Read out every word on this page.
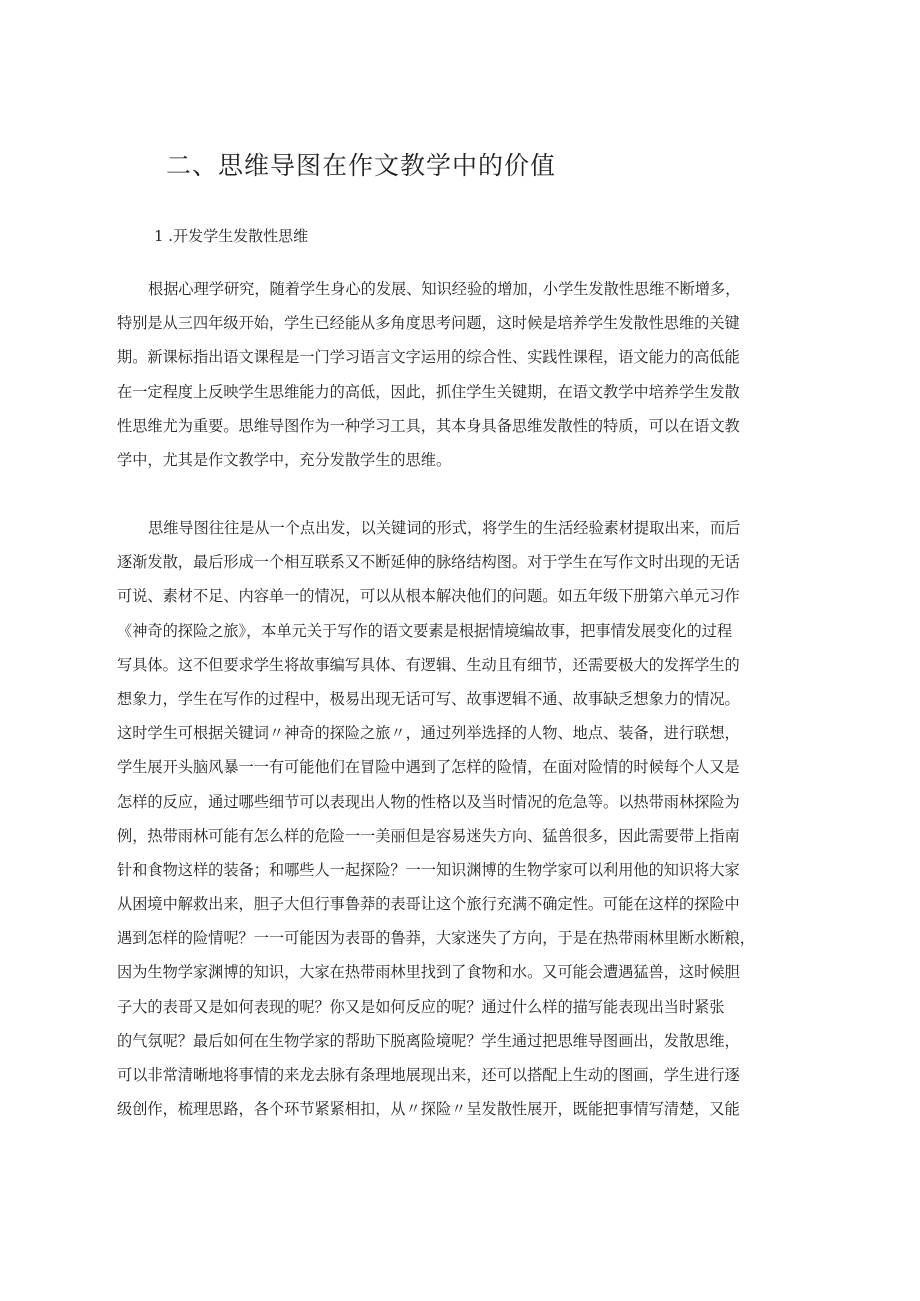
二、思维导图在作文教学中的价值
1 .开发学生发散性思维
根据心理学研究，随着学生身心的发展、知识经验的增加，小学生发散性思维不断增多，
特别是从三四年级开始，学生已经能从多角度思考问题，这时候是培养学生发散性思维的关键
期。新课标指出语文课程是一门学习语言文字运用的综合性、实践性课程，语文能力的高低能
在一定程度上反映学生思维能力的高低，因此，抓住学生关键期，在语文教学中培养学生发散
性思维尤为重要。思维导图作为一种学习工具，其本身具备思维发散性的特质，可以在语文教
学中，尤其是作文教学中，充分发散学生的思维。
思维导图往往是从一个点出发，以关键词的形式，将学生的生活经验素材提取出来，而后
逐渐发散，最后形成一个相互联系又不断延伸的脉络结构图。对于学生在写作文时出现的无话
可说、素材不足、内容单一的情况，可以从根本解决他们的问题。如五年级下册第六单元习作
《神奇的探险之旅》，本单元关于写作的语文要素是根据情境编故事，把事情发展变化的过程
写具体。这不但要求学生将故事编写具体、有逻辑、生动且有细节，还需要极大的发挥学生的
想象力，学生在写作的过程中，极易出现无话可写、故事逻辑不通、故事缺乏想象力的情况。
这时学生可根据关键词〃神奇的探险之旅〃，通过列举选择的人物、地点、装备，进行联想，
学生展开头脑风暴一一有可能他们在冒险中遇到了怎样的险情，在面对险情的时候每个人又是
怎样的反应，通过哪些细节可以表现出人物的性格以及当时情况的危急等。以热带雨林探险为
例，热带雨林可能有怎么样的危险一一美丽但是容易迷失方向、猛兽很多，因此需要带上指南
针和食物这样的装备；和哪些人一起探险？一一知识渊博的生物学家可以利用他的知识将大家
从困境中解救出来，胆子大但行事鲁莽的表哥让这个旅行充满不确定性。可能在这样的探险中
遇到怎样的险情呢？一一可能因为表哥的鲁莽，大家迷失了方向，于是在热带雨林里断水断粮，
因为生物学家渊博的知识，大家在热带雨林里找到了食物和水。又可能会遭遇猛兽，这时候胆
子大的表哥又是如何表现的呢？你又是如何反应的呢？通过什么样的描写能表现出当时紧张
的气氛呢？最后如何在生物学家的帮助下脱离险境呢？学生通过把思维导图画出，发散思维，
可以非常清晰地将事情的来龙去脉有条理地展现出来，还可以搭配上生动的图画，学生进行逐
级创作，梳理思路，各个环节紧紧相扣，从〃探险〃呈发散性展开，既能把事情写清楚，又能
